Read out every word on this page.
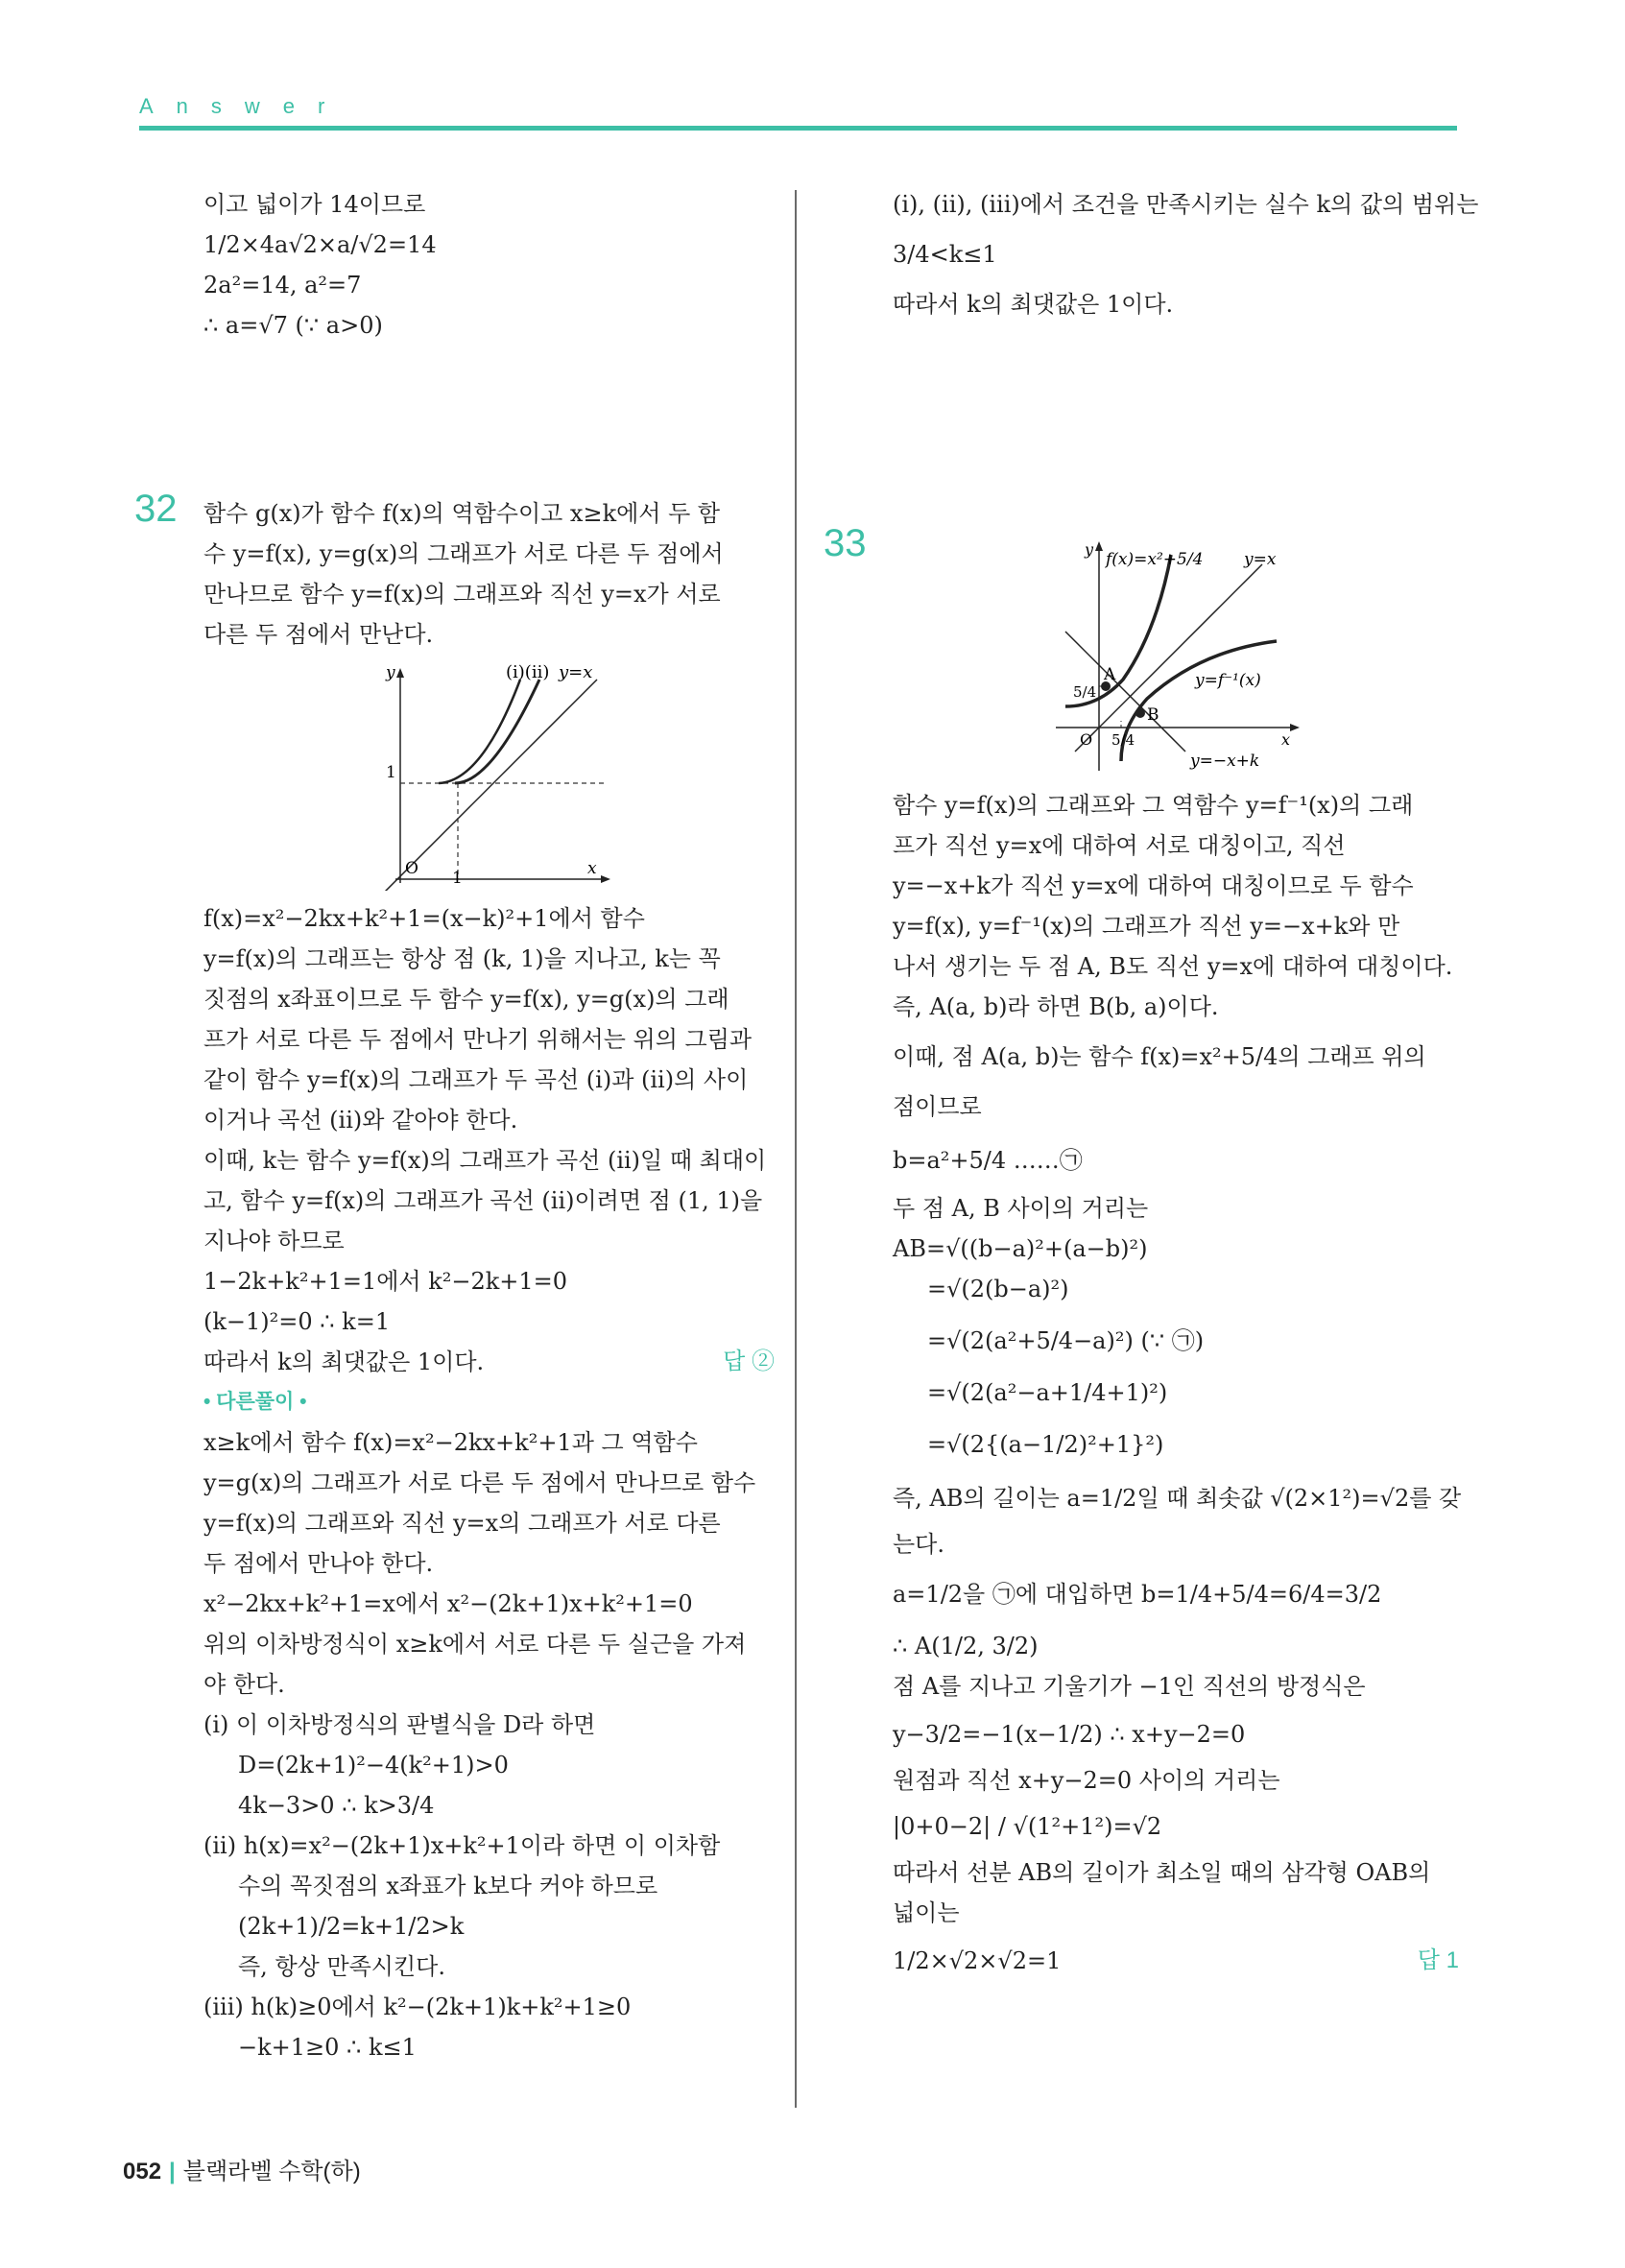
Answer
이고 넓이가 14이므로
1/2×4a√2×a/√2=14
2a²=14, a²=7
∴ a=√7 (∵ a>0)
32 함수 g(x)가 함수 f(x)의 역함수이고 x≥k에서 두 함
수 y=f(x), y=g(x)의 그래프가 서로 다른 두 점에서
만나므로 함수 y=f(x)의 그래프와 직선 y=x가 서로
다른 두 점에서 만난다.
(i)(ii) y=x
y
x
O 1
1
f(x)=x²−2kx+k²+1=(x−k)²+1에서 함수
y=f(x)의 그래프는 항상 점 (k, 1)을 지나고, k는 꼭
짓점의 x좌표이므로 두 함수 y=f(x), y=g(x)의 그래
프가 서로 다른 두 점에서 만나기 위해서는 위의 그림과
같이 함수 y=f(x)의 그래프가 두 곡선 (i)과 (ii)의 사이
이거나 곡선 (ii)와 같아야 한다.
이때, k는 함수 y=f(x)의 그래프가 곡선 (ii)일 때 최대이
고, 함수 y=f(x)의 그래프가 곡선 (ii)이려면 점 (1, 1)을
지나야 하므로
1−2k+k²+1=1에서 k²−2k+1=0
(k−1)²=0 ∴ k=1
따라서 k의 최댓값은 1이다.	답 ②
• 다른풀이 •
x≥k에서 함수 f(x)=x²−2kx+k²+1과 그 역함수
y=g(x)의 그래프가 서로 다른 두 점에서 만나므로 함수
y=f(x)의 그래프와 직선 y=x의 그래프가 서로 다른
두 점에서 만나야 한다.
x²−2kx+k²+1=x에서 x²−(2k+1)x+k²+1=0
위의 이차방정식이 x≥k에서 서로 다른 두 실근을 가져
야 한다.
(i) 이 이차방정식의 판별식을 D라 하면
D=(2k+1)²−4(k²+1)>0
4k−3>0 ∴ k>3/4
(ii) h(x)=x²−(2k+1)x+k²+1이라 하면 이 이차함
수의 꼭짓점의 x좌표가 k보다 커야 하므로
(2k+1)/2=k+1/2>k
즉, 항상 만족시킨다.
(iii) h(k)≥0에서 k²−(2k+1)k+k²+1≥0
−k+1≥0 ∴ k≤1
(i), (ii), (iii)에서 조건을 만족시키는 실수 k의 값의 범위는
3/4<k≤1
따라서 k의 최댓값은 1이다.
33	y
f(x)=x²+5/4	y=x
y=f⁻¹(x)
y=−x+k
A
B
5/4
5/4
O	x
함수 y=f(x)의 그래프와 그 역함수 y=f⁻¹(x)의 그래
프가 직선 y=x에 대하여 서로 대칭이고, 직선
y=−x+k가 직선 y=x에 대하여 대칭이므로 두 함수
y=f(x), y=f⁻¹(x)의 그래프가 직선 y=−x+k와 만
나서 생기는 두 점 A, B도 직선 y=x에 대하여 대칭이다.
즉, A(a, b)라 하면 B(b, a)이다.
이때, 점 A(a, b)는 함수 f(x)=x²+5/4의 그래프 위의
점이므로
b=a²+5/4 ……㉠
두 점 A, B 사이의 거리는
AB=√((b−a)²+(a−b)²)
=√(2(b−a)²)
=√(2(a²+5/4−a)²) (∵ ㉠)
=√(2(a²−a+1/4+1)²)
=√(2{(a−1/2)²+1}²)
즉, AB의 길이는 a=1/2일 때 최솟값 √(2×1²)=√2를 갖
는다.
a=1/2을 ㉠에 대입하면 b=1/4+5/4=6/4=3/2
∴ A(1/2, 3/2)
점 A를 지나고 기울기가 −1인 직선의 방정식은
y−3/2=−1(x−1/2) ∴ x+y−2=0
원점과 직선 x+y−2=0 사이의 거리는
|0+0−2| / √(1²+1²)=√2
따라서 선분 AB의 길이가 최소일 때의 삼각형 OAB의
넓이는
1/2×√2×√2=1	답 1
052 | 블랙라벨 수학(하)
